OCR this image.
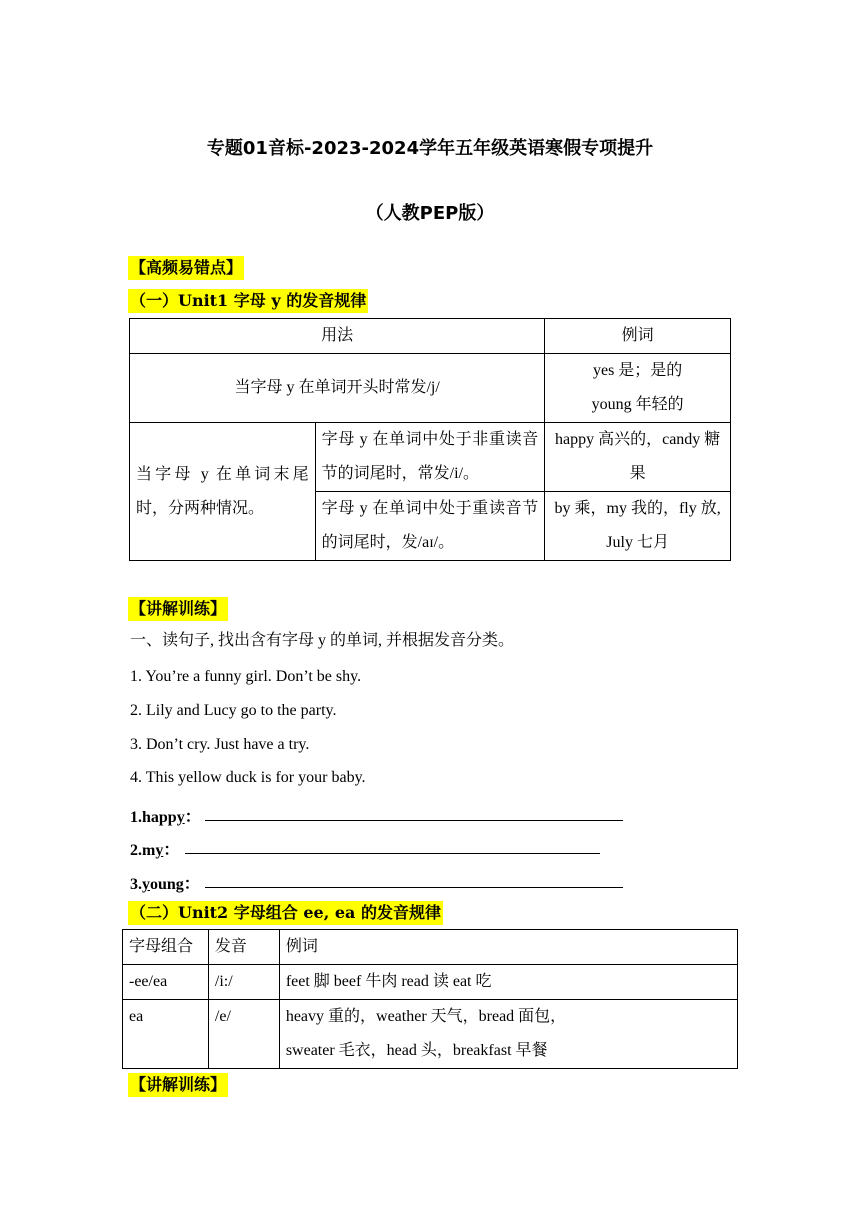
专题01音标-2023-2024学年五年级英语寒假专项提升
（人教PEP版）
【高频易错点】
（一）Unit1 字母 y 的发音规律
用法		例词
当字母 y 在单词开头时常发/j/		yes 是；是的
young 年轻的

当字母 y 在单词末尾时，分两种情况。	字母 y 在单词中处于非重读音节的词尾时，常发/i/。	happy 高兴的，candy 糖果
	字母 y 在单词中处于重读音节的词尾时，发/aɪ/。	by 乘，my 我的，fly 放, July 七月
【讲解训练】
一、读句子, 找出含有字母 y 的单词, 并根据发音分类。
1. You’re a funny girl. Don’t be shy.
2. Lily and Lucy go to the party.
3. Don’t cry. Just have a try.
4. This yellow duck is for your baby.
1.happy：
2.my：
3.young：
（二）Unit2 字母组合 ee, ea 的发音规律
字母组合	发音	例词
-ee/ea	/i:/	feet 脚 beef 牛肉 read 读 eat 吃
ea	/e/	heavy 重的，weather 天气，bread 面包，
sweater 毛衣，head 头，breakfast 早餐
【讲解训练】
